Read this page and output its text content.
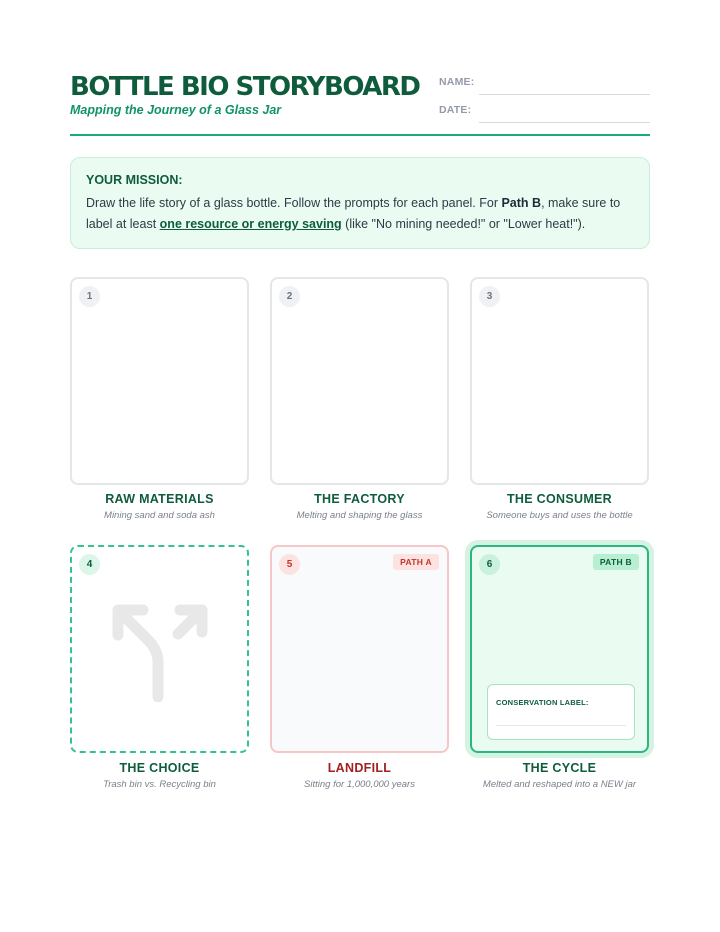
BOTTLE BIO STORYBOARD
Mapping the Journey of a Glass Jar
NAME:
DATE:
YOUR MISSION:
Draw the life story of a glass bottle. Follow the prompts for each panel. For Path B, make sure to label at least one resource or energy saving (like "No mining needed!" or "Lower heat!").
1
RAW MATERIALS
Mining sand and soda ash
2
THE FACTORY
Melting and shaping the glass
3
THE CONSUMER
Someone buys and uses the bottle
4
THE CHOICE
Trash bin vs. Recycling bin
5	PATH A
LANDFILL
Sitting for 1,000,000 years
6	PATH B
CONSERVATION LABEL:
THE CYCLE
Melted and reshaped into a NEW jar
